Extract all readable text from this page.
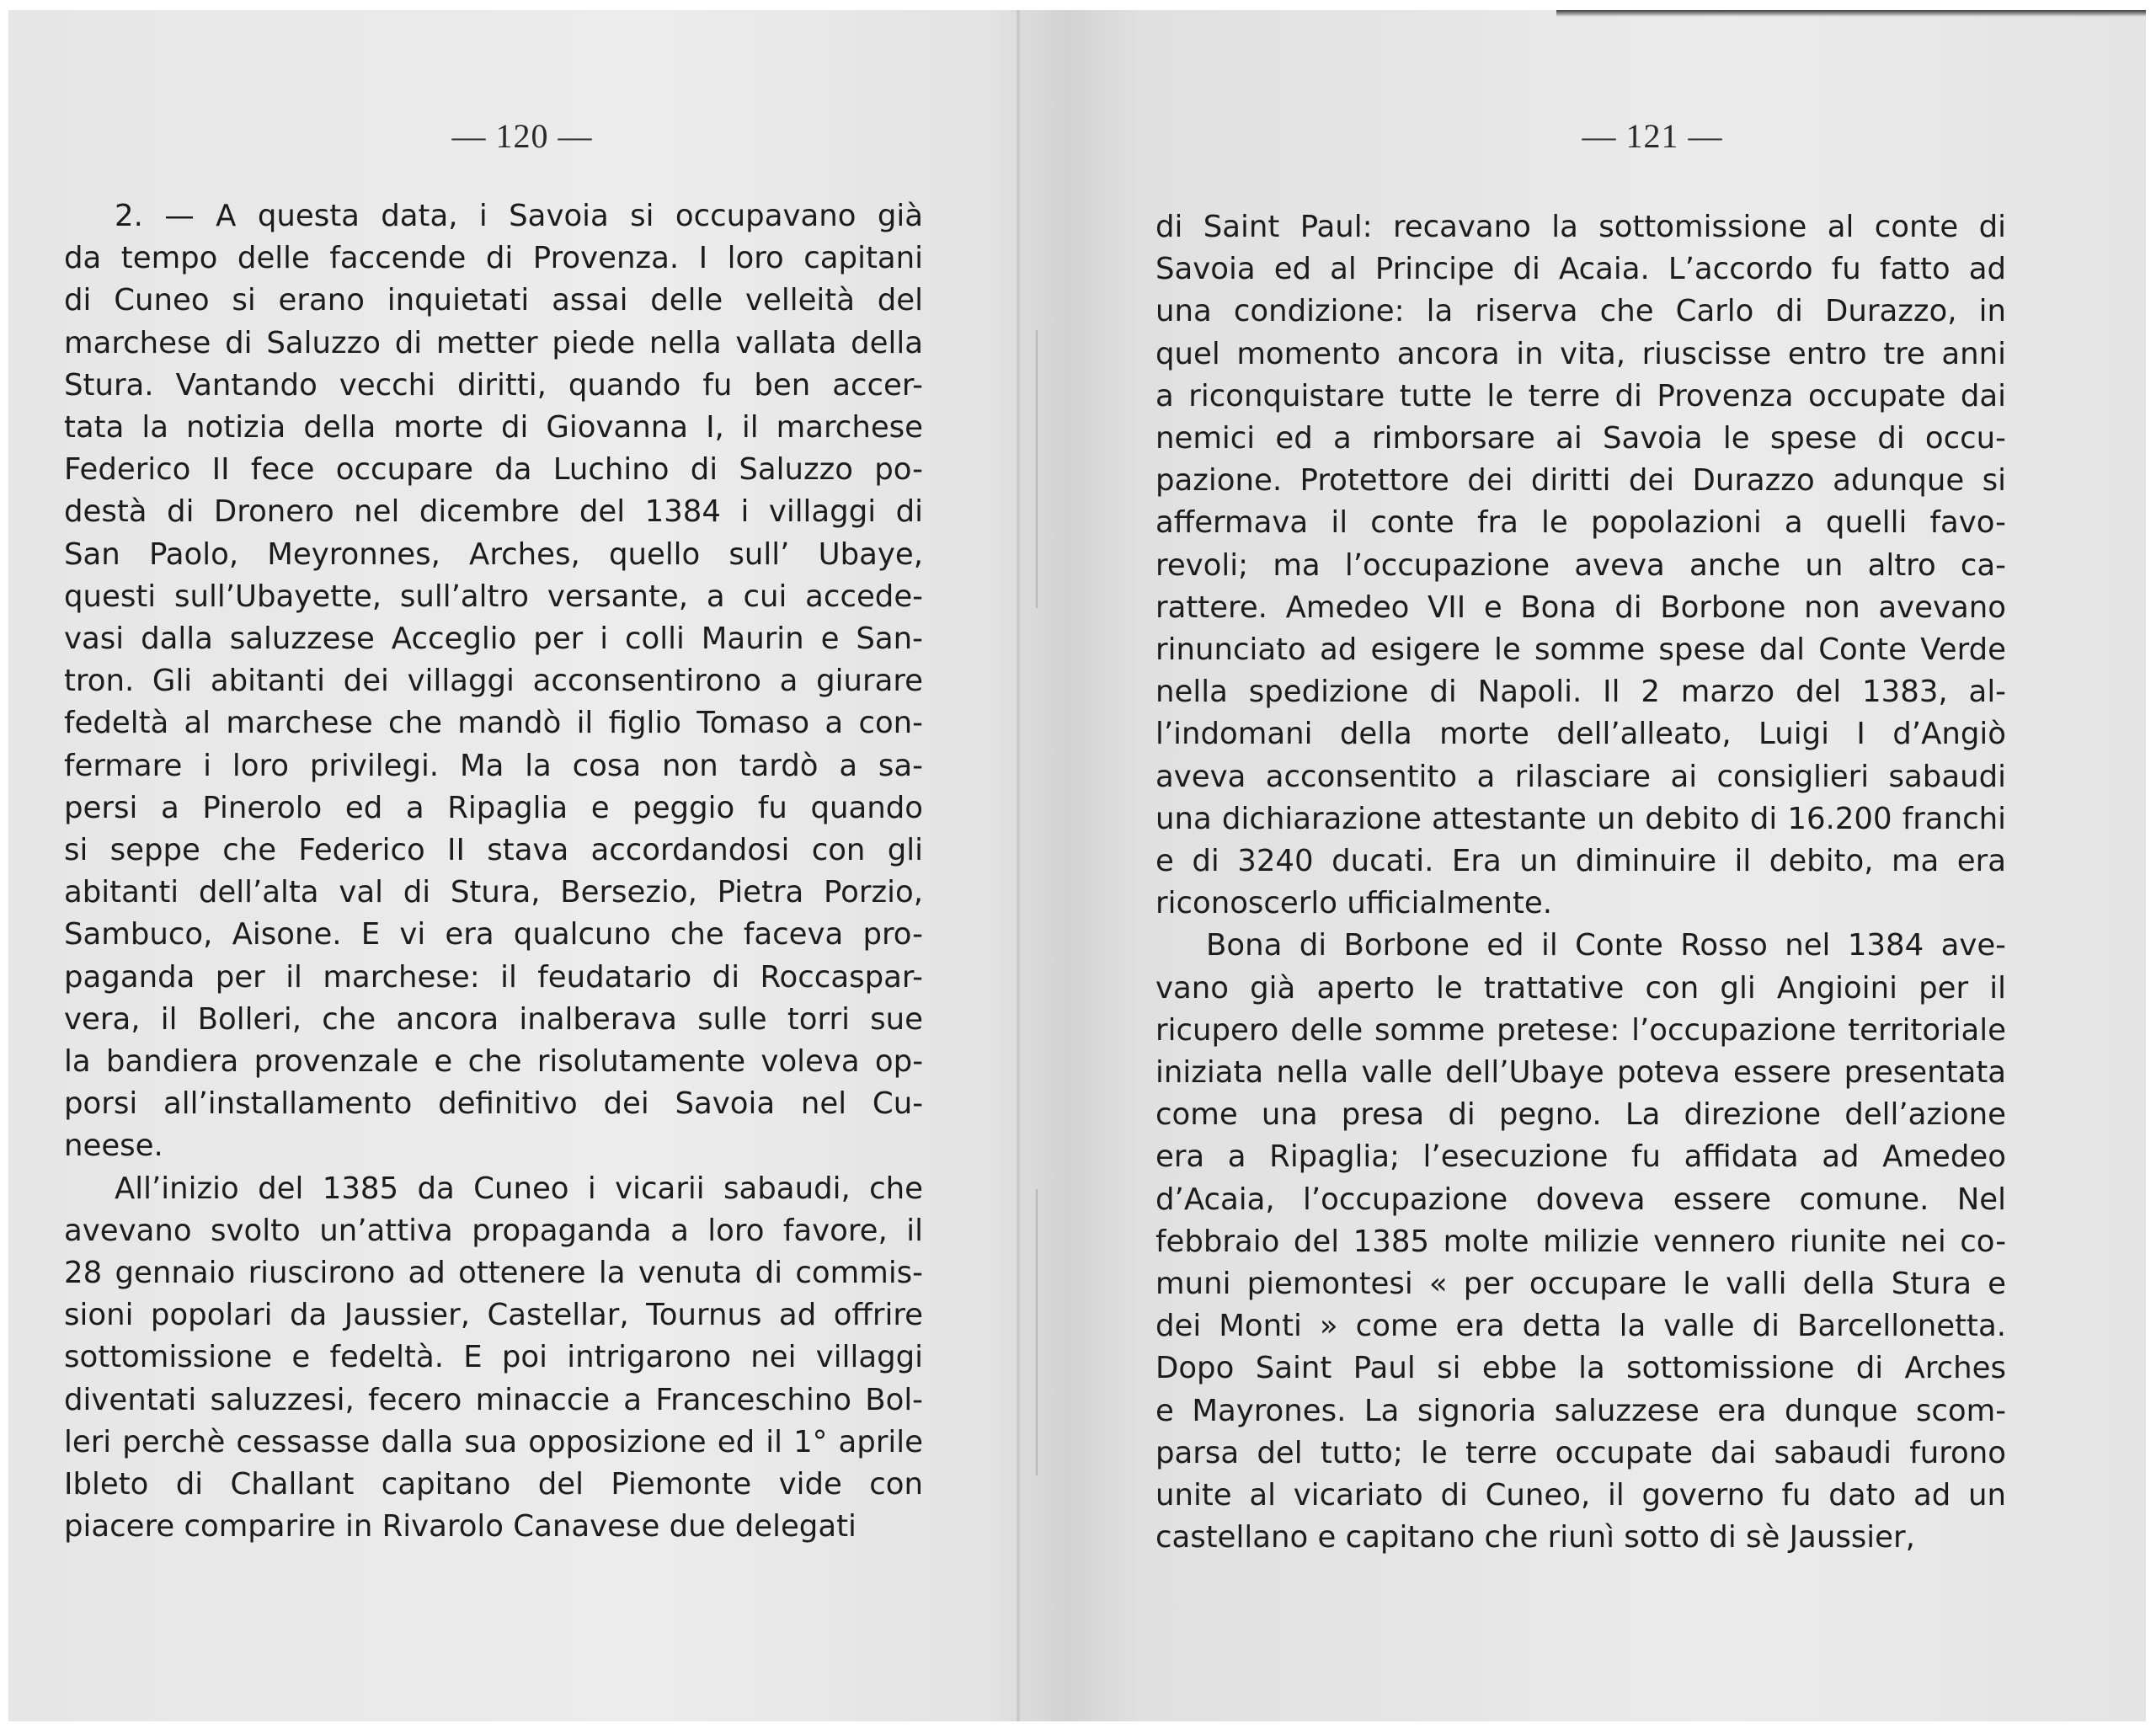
— 120 —
2. — A questa data, i Savoia si occupavano già
da tempo delle faccende di Provenza. I loro capitani
di Cuneo si erano inquietati assai delle velleità del
marchese di Saluzzo di metter piede nella vallata della
Stura. Vantando vecchi diritti, quando fu ben accer-
tata la notizia della morte di Giovanna I, il marchese
Federico II fece occupare da Luchino di Saluzzo po-
destà di Dronero nel dicembre del 1384 i villaggi di
San Paolo, Meyronnes, Arches, quello sull’ Ubaye,
questi sull’Ubayette, sull’altro versante, a cui accede-
vasi dalla saluzzese Acceglio per i colli Maurin e San-
tron. Gli abitanti dei villaggi acconsentirono a giurare
fedeltà al marchese che mandò il figlio Tomaso a con-
fermare i loro privilegi. Ma la cosa non tardò a sa-
persi a Pinerolo ed a Ripaglia e peggio fu quando
si seppe che Federico II stava accordandosi con gli
abitanti dell’alta val di Stura, Bersezio, Pietra Porzio,
Sambuco, Aisone. E vi era qualcuno che faceva pro-
paganda per il marchese: il feudatario di Roccaspar-
vera, il Bolleri, che ancora inalberava sulle torri sue
la bandiera provenzale e che risolutamente voleva op-
porsi all’installamento definitivo dei Savoia nel Cu-
neese.
All’inizio del 1385 da Cuneo i vicarii sabaudi, che
avevano svolto un’attiva propaganda a loro favore, il
28 gennaio riuscirono ad ottenere la venuta di commis-
sioni popolari da Jaussier, Castellar, Tournus ad offrire
sottomissione e fedeltà. E poi intrigarono nei villaggi
diventati saluzzesi, fecero minaccie a Franceschino Bol-
leri perchè cessasse dalla sua opposizione ed il 1° aprile
Ibleto di Challant capitano del Piemonte vide con
piacere comparire in Rivarolo Canavese due delegati
— 121 —
di Saint Paul: recavano la sottomissione al conte di
Savoia ed al Principe di Acaia. L’accordo fu fatto ad
una condizione: la riserva che Carlo di Durazzo, in
quel momento ancora in vita, riuscisse entro tre anni
a riconquistare tutte le terre di Provenza occupate dai
nemici ed a rimborsare ai Savoia le spese di occu-
pazione. Protettore dei diritti dei Durazzo adunque si
affermava il conte fra le popolazioni a quelli favo-
revoli; ma l’occupazione aveva anche un altro ca-
rattere. Amedeo VII e Bona di Borbone non avevano
rinunciato ad esigere le somme spese dal Conte Verde
nella spedizione di Napoli. Il 2 marzo del 1383, al-
l’indomani della morte dell’alleato, Luigi I d’Angiò
aveva acconsentito a rilasciare ai consiglieri sabaudi
una dichiarazione attestante un debito di 16.200 franchi
e di 3240 ducati. Era un diminuire il debito, ma era
riconoscerlo ufficialmente.
Bona di Borbone ed il Conte Rosso nel 1384 ave-
vano già aperto le trattative con gli Angioini per il
ricupero delle somme pretese: l’occupazione territoriale
iniziata nella valle dell’Ubaye poteva essere presentata
come una presa di pegno. La direzione dell’azione
era a Ripaglia; l’esecuzione fu affidata ad Amedeo
d’Acaia, l’occupazione doveva essere comune. Nel
febbraio del 1385 molte milizie vennero riunite nei co-
muni piemontesi « per occupare le valli della Stura e
dei Monti » come era detta la valle di Barcellonetta.
Dopo Saint Paul si ebbe la sottomissione di Arches
e Mayrones. La signoria saluzzese era dunque scom-
parsa del tutto; le terre occupate dai sabaudi furono
unite al vicariato di Cuneo, il governo fu dato ad un
castellano e capitano che riunì sotto di sè Jaussier,
